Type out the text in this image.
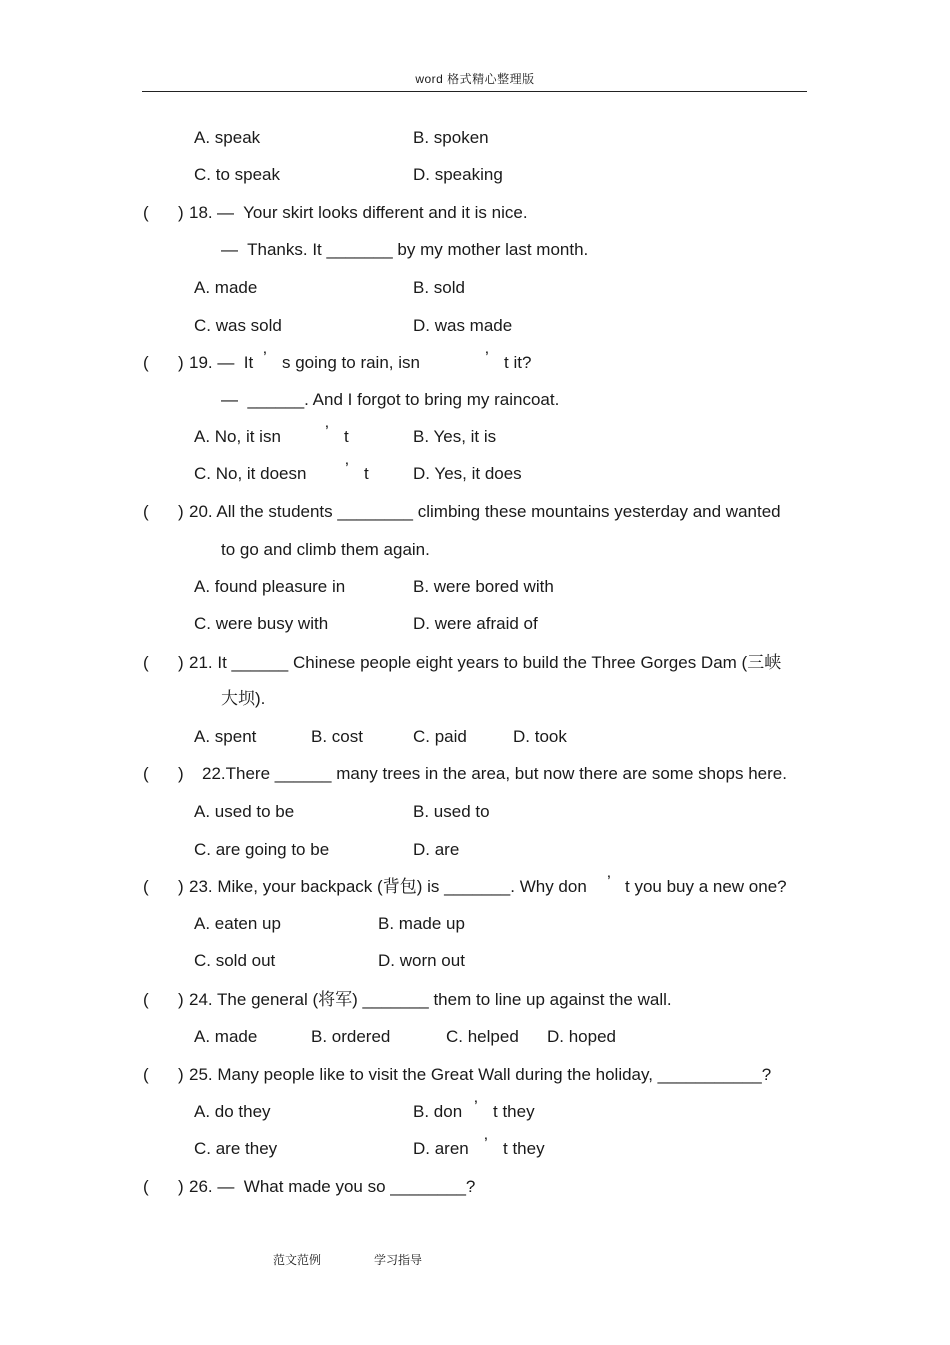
word 格式精心整理版
A. speak	B. spoken
C. to speak	D. speaking
( ) 18. —  Your skirt looks different and it is nice.
—  Thanks. It _______ by my mother last month.
A. made	B. sold
C. was sold	D. was made
( ) 19. —  It ’ s going to rain, isn	’ t it?
—  ______. And I forgot to bring my raincoat.
A. No, it isn	’ t	B. Yes, it is
C. No, it doesn ’ t	D. Yes, it does
( ) 20. All the students ________ climbing these mountains yesterday and wanted
to go and climb them again.
A. found pleasure in	B. were bored with
C. were busy with	D. were afraid of
( ) 21. It ______ Chinese people eight years to build the Three Gorges Dam (三峡
大坝).
A. spent	B. cost	C. paid	D. took
( ) 22.There ______ many trees in the area, but now there are some shops here.
A. used to be	B. used to
C. are going to be	D. are
( ) 23. Mike, your backpack (背包) is _______. Why don ’ t you buy a new one?
A. eaten up	B. made up
C. sold out	D. worn out
( ) 24. The general (将军) _______ them to line up against the wall.
A. made	B. ordered	C. helped D. hoped
( ) 25. Many people like to visit the Great Wall during the holiday, ___________?
A. do they	B. don ’ t they
C. are they	D. aren ’ t they
( ) 26. —  What made you so ________?
范文范例	学习指导
